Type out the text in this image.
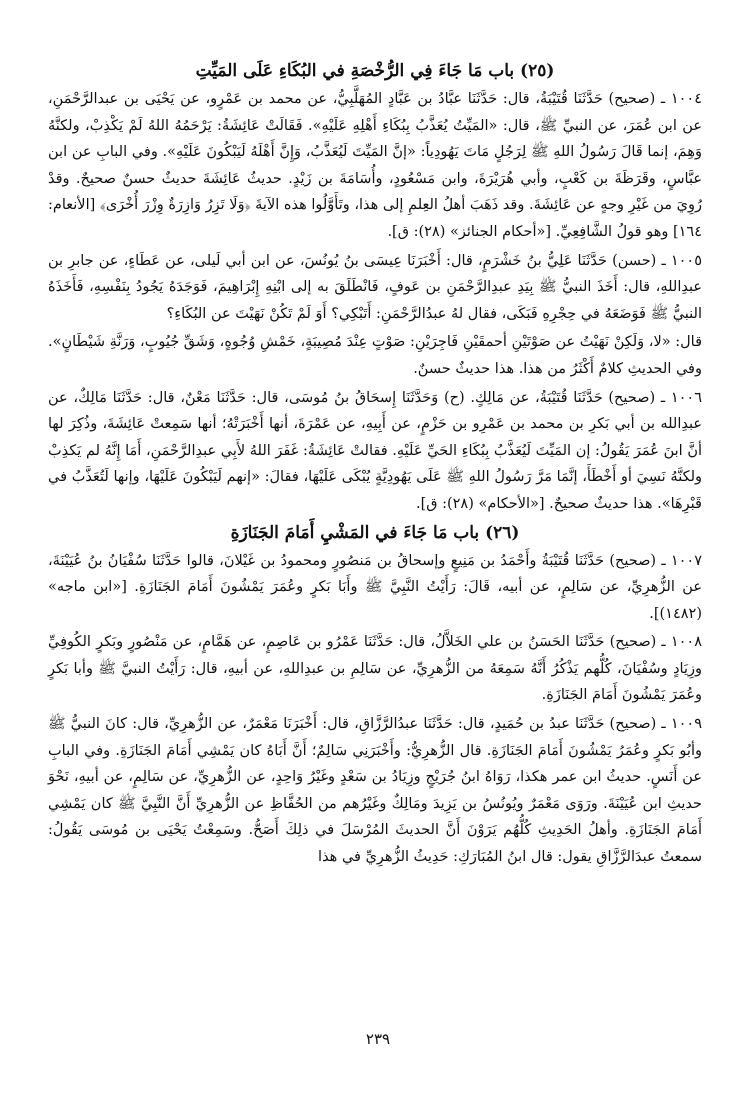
(٢٥) باب مَا جَاءَ فِي الرُّخْصَةِ في البُكَاءِ عَلَى المَيِّتِ

١٠٠٤ ـ (صحيح) حَدَّثَنَا قُتَيْبَةُ، قال: حَدَّثَنَا عبَّادُ بن عَبَّادٍ المُهَلَّبِيُّ، عن محمد بن عَمْرٍو، عن يَحْيَى بن عبدالرَّحْمَنِ، عن ابن عُمَرَ، عن النبيِّ ﷺ، قال: «المَيِّتُ يُعَذَّبُ بِبُكَاءِ أَهْلِهِ عَلَيْهِ». فَقَالَتْ عَائِشَةُ: يَرْحَمُهُ اللهُ لَمْ يَكْذِبْ، ولكنَّهُ وَهِمَ، إنما قَالَ رَسُولُ اللهِ ﷺ لِرَجُلٍ مَاتَ يَهُودِياً: «إنَّ المَيِّتَ لَيُعَذَّبُ، وَإِنَّ أَهْلَهُ لَيَبْكُونَ عَلَيْهِ». وفي البابِ عن ابن عبَّاسٍ، وقَرَظَةَ بن كَعْبٍ، وأبي هُرَيْرَةَ، وابن مَسْعُودٍ، وأُسَامَةَ بن زَيْدٍ. حديثُ عَائِشَةَ حديثٌ حسنٌ صحيحٌ. وقدْ رُوِيَ من غَيْرِ وجهٍ عن عَائِشَةَ. وقد ذَهَبَ أهلُ العِلمِ إلى هذا، وتَأَوَّلُوا هذه الآيةَ ﴿وَلَا تَزِرُ وَازِرَةٌ وِزْرَ أُخْرَى﴾ [الأنعام: ١٦٤] وهو قولُ الشَّافِعِيِّ. [«أحكام الجنائز» (٢٨): ق].

١٠٠٥ ـ (حسن) حَدَّثَنَا عَلِيُّ بنُ خَشْرَمٍ، قال: أَخْبَرَنَا عِيسَى بنُ يُونُسَ، عن ابن أبي لَيلى، عن عَطَاءٍ، عن جابرِ بن عبدِاللهِ، قال: أَخَذَ النبيُّ ﷺ بِيَدِ عبدِالرَّحْمَنِ بن عَوفٍ، فَانْطَلَقَ به إلى ابْنِهِ إِبْرَاهِيمَ، فَوَجَدَهُ يَجُودُ بِنَفْسِهِ، فَأَخَذَهُ النبيُّ ﷺ فَوَضَعَهُ في حِجْرِهِ فَبَكَى، فقال لهُ عبدُالرَّحْمَنِ: أَتَبْكِي؟ أَوَ لَمْ تَكُنْ نَهَيْتَ عن البُكَاءِ؟

قال: «لا، وَلَكِنْ نَهَيْتُ عن صَوْتَيْنِ أحمقَيْنِ فَاجِرَيْنِ: صَوْتٍ عِنْدَ مُصِيبَةٍ، خَمْشِ وُجُوهٍ، وَشَقِّ جُيُوبٍ، وَرَنَّةِ شَيْطَانٍ». وفي الحديثِ كلامٌ أَكْثَرُ من هذا. هذا حديثٌ حسنٌ.

١٠٠٦ ـ (صحيح) حَدَّثَنَا قُتَيْبَةُ، عن مَالِكٍ. (ح) وَحَدَّثَنَا إِسحَاقُ بنُ مُوسَى، قال: حَدَّثَنَا مَعْنٌ، قال: حَدَّثَنَا مَالِكٌ، عن عبدِالله بن أبي بَكرِ بن محمد بن عَمْرِو بن حَزْمٍ، عن أَبِيهِ، عن عَمْرَةَ، أنها أَخْبَرَتْهُ؛ أنها سَمِعتْ عَائِشَةَ، وذُكِرَ لها أنَّ ابنَ عُمَرَ يَقُولُ: إن المَيِّتَ لَيُعَذَّبُ بِبُكَاءِ الحَيِّ عَلَيْهِ. فقالتْ عَائِشَةُ: غَفَرَ اللهُ لأَبِي عبدِالرَّحْمَنِ، أَمَا إِنَّهُ لم يَكذِبْ ولكنَّهُ نَسِيَ أو أَخْطَأَ، إنَّمَا مَرَّ رَسُولُ اللهِ ﷺ عَلَى يَهُودِيَّةٍ يُبْكَى عَلَيْهَا، فقالَ: «إنهم لَيَبْكُونَ عَلَيْهَا، وإنها لَتُعَذَّبُ في قَبْرِهَا». هذا حديثٌ صحيحٌ. [«الأحكام» (٢٨): ق].

(٢٦) باب مَا جَاءَ في المَشْيِ أَمَامَ الجَنَازَةِ

١٠٠٧ ـ (صحيح) حَدَّثَنَا قُتَيْبَةُ وأَحْمَدُ بن مَنِيعٍ وإسحاقُ بن مَنصُورٍ ومحمودُ بن غَيْلانَ، قالوا حَدَّثَنَا سُفْيَانُ بنُ عُيَيْنَةَ، عن الزُّهرِيِّ، عن سَالِمٍ، عن أبيه، قَالَ: رَأَيْتُ النَّبِيَّ ﷺ وأَبَا بَكرٍ وعُمَرَ يَمْشُونَ أَمَامَ الجَنَازَةِ. [«ابن ماجه» (١٤٨٢)].

١٠٠٨ ـ (صحيح) حَدَّثَنَا الحَسَنُ بن علي الخَلاَّلُ، قال: حَدَّثَنَا عَمْرُو بن عَاصِمٍ، عن هَمَّامٍ، عن مَنْصُورٍ وبَكرٍ الكُوفِيِّ وزِيَادٍ وسُفْيَانَ، كُلُّهم يَذْكُرُ أَنَّهُ سَمِعَهُ من الزُّهرِيِّ، عن سَالِمِ بن عبدِاللهِ، عن أبيهِ، قال: رَأَيْتُ النبيَّ ﷺ وأبا بَكرٍ وعُمَرَ يَمْشُونَ أَمَامَ الجَنَازَةِ.

١٠٠٩ ـ (صحيح) حَدَّثَنَا عبدُ بن حُمَيدٍ، قال: حَدَّثَنَا عبدُالرَّزَّاقِ، قال: أَخْبَرَنَا مَعْمَرٌ، عن الزُّهرِيِّ، قال: كانَ النبيُّ ﷺ وأبُو بَكرٍ وعُمَرُ يَمْشُونَ أَمَامَ الجَنَازَةِ. قال الزُّهرِيُّ: وأَخْبَرَنِي سَالِمٌ؛ أَنَّ أَبَاهُ كان يَمْشِي أَمَامَ الجَنَازَةِ. وفي البابِ عن أَنَسٍ. حديثُ ابن عمر هكذا، رَوَاهُ ابنُ جُرَيْجٍ وزِيَادُ بن سَعْدٍ وغَيْرُ وَاحِدٍ، عن الزُّهرِيِّ، عن سَالِمٍ، عن أبيهِ، نَحْوَ حديثِ ابن عُيَيْنَةَ. ورَوَى مَعْمَرٌ ويُونُسُ بن يَزِيدَ ومَالِكٌ وغَيْرُهم من الحُفَّاظِ عن الزُّهرِيِّ أَنَّ النَّبِيَّ ﷺ كان يَمْشِي أَمَامَ الجَنَازَةِ. وأهلُ الحَدِيثِ كُلُّهُم يَرَوْنَ أَنَّ الحديثَ المُرْسَلَ في ذلِكَ أَصَحُّ. وسَمِعْتُ يَحْيَى بن مُوسَى يَقُولُ: سمعتُ عبدَالرَّزَّاقِ يقول: قال ابنُ المُبَارَكِ: حَدِيثُ الزُّهرِيِّ في هذا

٢٣٩
